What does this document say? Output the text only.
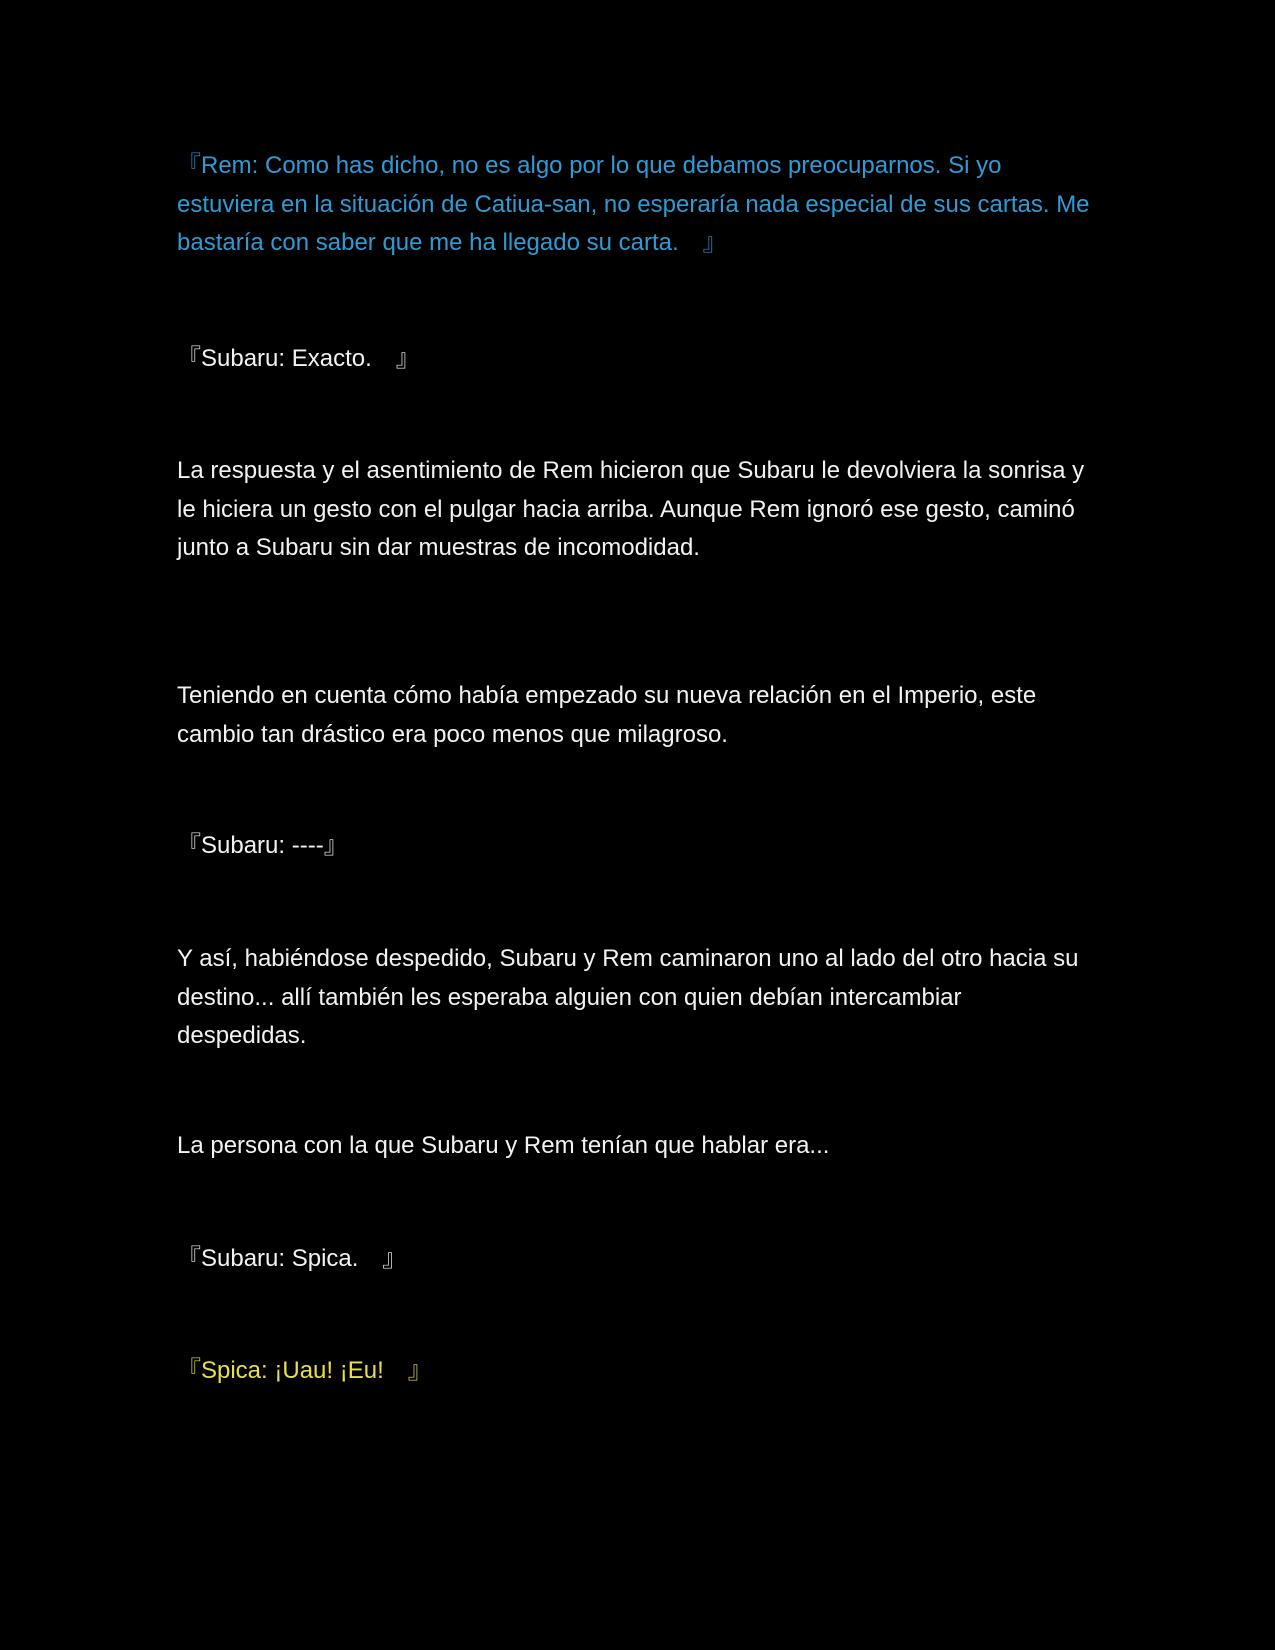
『Rem: Como has dicho, no es algo por lo que debamos preocuparnos. Si yo estuviera en la situación de Catiua-san, no esperaría nada especial de sus cartas. Me bastaría con saber que me ha llegado su carta.　』

『Subaru: Exacto.　』

La respuesta y el asentimiento de Rem hicieron que Subaru le devolviera la sonrisa y le hiciera un gesto con el pulgar hacia arriba. Aunque Rem ignoró ese gesto, caminó junto a Subaru sin dar muestras de incomodidad.

Teniendo en cuenta cómo había empezado su nueva relación en el Imperio, este cambio tan drástico era poco menos que milagroso.

『Subaru: ----』

Y así, habiéndose despedido, Subaru y Rem caminaron uno al lado del otro hacia su destino... allí también les esperaba alguien con quien debían intercambiar despedidas.

La persona con la que Subaru y Rem tenían que hablar era...

『Subaru: Spica.　』

『Spica: ¡Uau! ¡Eu!　』
